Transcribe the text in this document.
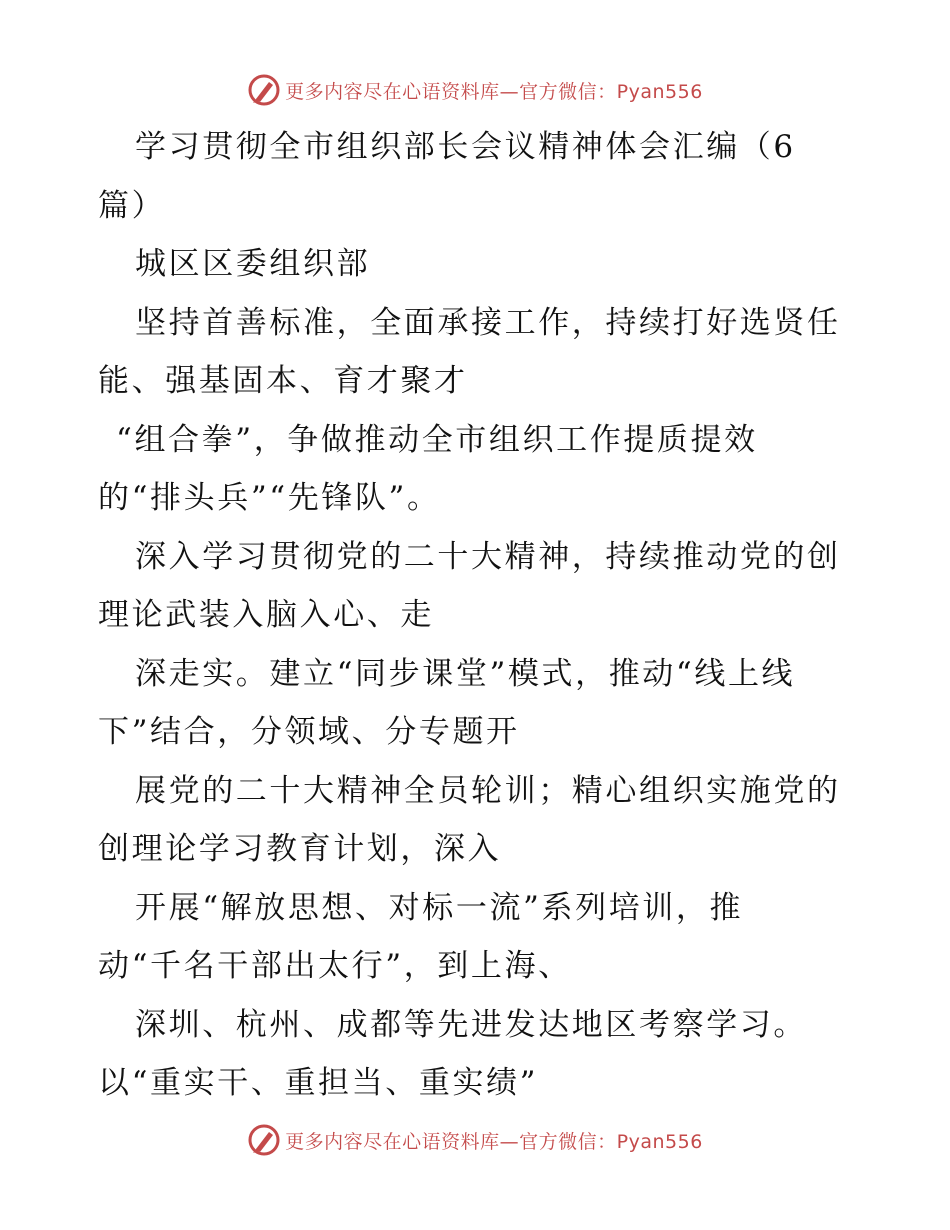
更多内容尽在心语资料库—官方微信：Pyan556
学习贯彻全市组织部长会议精神体会汇编（6
篇）
城区区委组织部
坚持首善标准，全面承接工作，持续打好选贤任
能、强基固本、育才聚才
“组合拳”，争做推动全市组织工作提质提效
的“排头兵”“先锋队”。
深入学习贯彻党的二十大精神，持续推动党的创
理论武装入脑入心、走
深走实。建立“同步课堂”模式，推动“线上线
下”结合，分领域、分专题开
展党的二十大精神全员轮训；精心组织实施党的
创理论学习教育计划，深入
开展“解放思想、对标一流”系列培训，推
动“千名干部出太行”，到上海、
深圳、杭州、成都等先进发达地区考察学习。
以“重实干、重担当、重实绩”
更多内容尽在心语资料库—官方微信：Pyan556
